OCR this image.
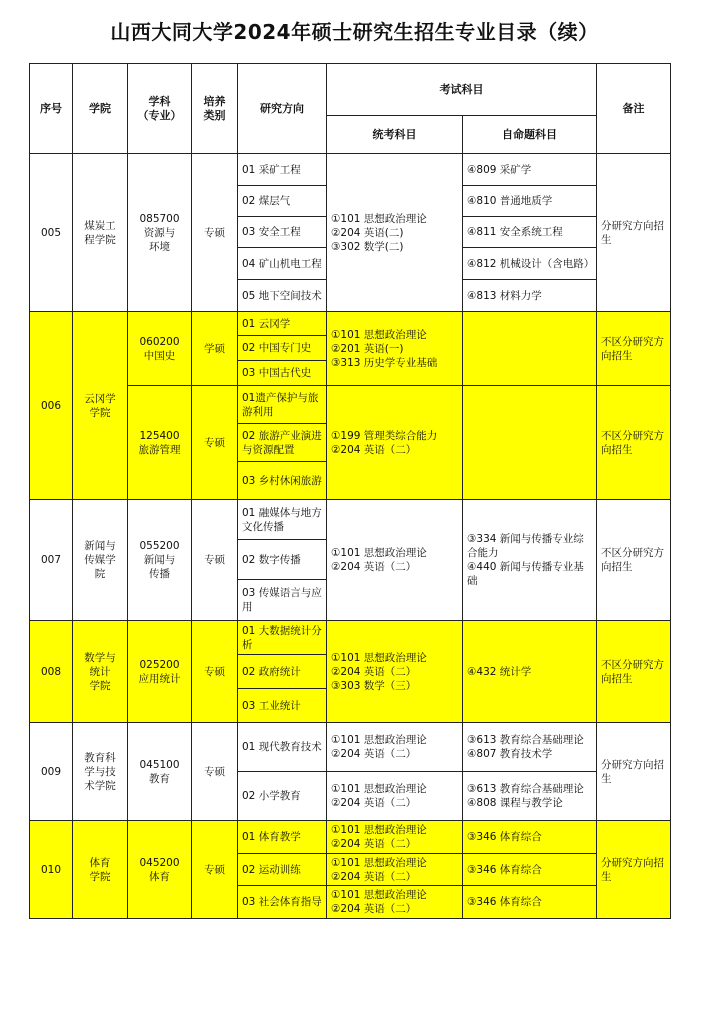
山西大同大学2024年硕士研究生招生专业目录（续）
序号	学院	学科
（专业）	培养
类别	研究方向	考试科目		备注
					统考科目	自命题科目	
005	煤炭工
程学院	085700
资源与
环境	专硕	01 采矿工程	①101 思想政治理论
②204 英语(二)
③302 数学(二)	④809 采矿学	分研究方向招生
				02 煤层气		④810 普通地质学	
				03 安全工程		④811 安全系统工程	
				04 矿山机电工程		④812 机械设计（含电路）	
				05 地下空间技术		④813 材料力学	
006	云冈学
学院	060200
中国史	学硕	01 云冈学	①101 思想政治理论
②201 英语(一)
③313 历史学专业基础		不区分研究方向招生
				02 中国专门史			
				03 中国古代史			
		125400
旅游管理	专硕	01遗产保护与旅游利用	①199 管理类综合能力
②204 英语（二）		不区分研究方向招生
				02 旅游产业演进与资源配置			
				03 乡村休闲旅游			
007	新闻与
传媒学
院	055200
新闻与
传播	专硕	01 融媒体与地方文化传播	①101 思想政治理论
②204 英语（二）	③334 新闻与传播专业综合能力
④440 新闻与传播专业基础	不区分研究方向招生
				02 数字传播			
				03 传媒语言与应用			
008	数学与
统计
学院	025200
应用统计	专硕	01 大数据统计分析	①101 思想政治理论
②204 英语（二）
③303 数学（三）	④432 统计学	不区分研究方向招生
				02 政府统计			
				03 工业统计			
009	教育科
学与技
术学院	045100
教育	专硕	01 现代教育技术	①101 思想政治理论
②204 英语（二）	③613 教育综合基础理论
④807 教育技术学	分研究方向招生
				02 小学教育	①101 思想政治理论
②204 英语（二）	③613 教育综合基础理论
④808 课程与教学论	
010	体育
学院	045200
体育	专硕	01 体育教学	①101 思想政治理论
②204 英语（二）	③346 体育综合	分研究方向招生
				02 运动训练	①101 思想政治理论
②204 英语（二）	③346 体育综合	
				03 社会体育指导	①101 思想政治理论
②204 英语（二）	③346 体育综合	
